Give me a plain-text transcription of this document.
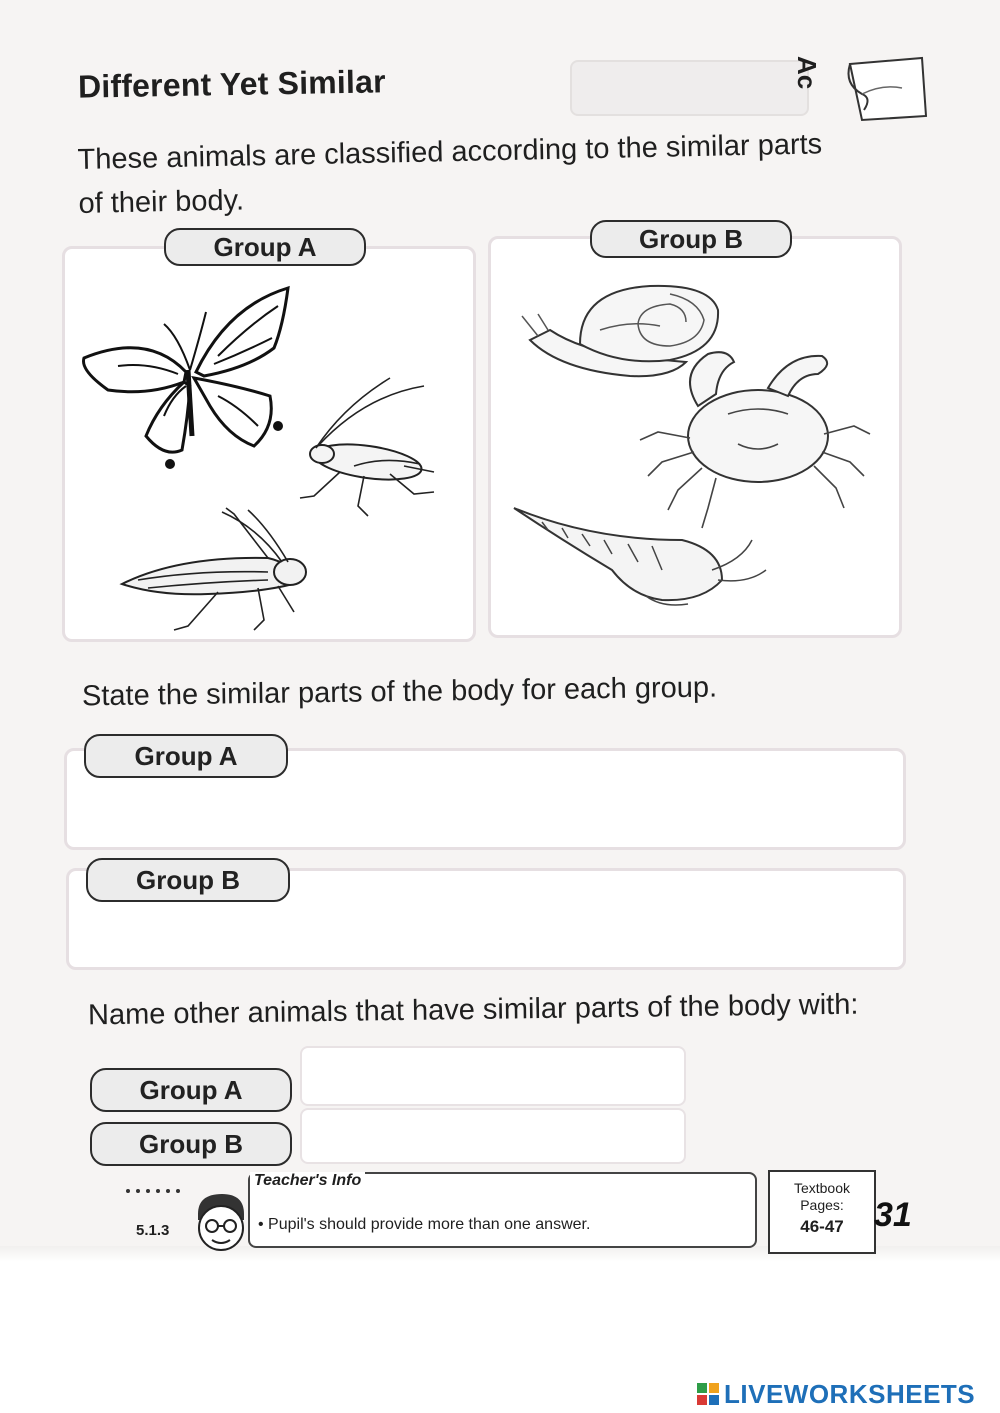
Different Yet Similar	Ac

These animals are classified according to the similar parts of their body.

Group A	Group B

State the similar parts of the body for each group.

Group A
Group B

Name other animals that have similar parts of the body with:

Group A
Group B
5.1.3
Teacher's Info
• Pupil's should provide more than one answer.
Textbook
Pages:
46-47 31
LIVEWORKSHEETS
